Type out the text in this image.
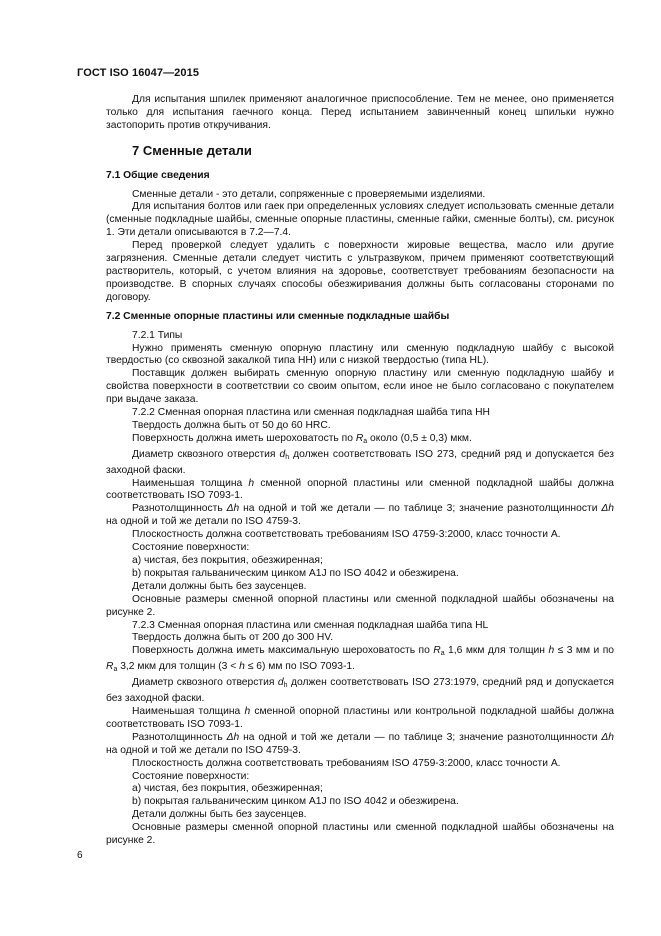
ГОСТ ISO 16047—2015

Для испытания шпилек применяют аналогичное приспособление. Тем не менее, оно применяется только для испытания гаечного конца. Перед испытанием завинченный конец шпильки нужно застопорить против откручивания.

7 Сменные детали

7.1 Общие сведения

Сменные детали - это детали, сопряженные с проверяемыми изделиями.

Для испытания болтов или гаек при определенных условиях следует использовать сменные детали (сменные подкладные шайбы, сменные опорные пластины, сменные гайки, сменные болты), см. рисунок 1. Эти детали описываются в 7.2—7.4.

Перед проверкой следует удалить с поверхности жировые вещества, масло или другие загрязнения. Сменные детали следует чистить с ультразвуком, причем применяют соответствующий растворитель, который, с учетом влияния на здоровье, соответствует требованиям безопасности на производстве. В спорных случаях способы обезжиривания должны быть согласованы сторонами по договору.

7.2 Сменные опорные пластины или сменные подкладные шайбы

7.2.1 Типы

Нужно применять сменную опорную пластину или сменную подкладную шайбу с высокой твердостью (со сквозной закалкой типа HH) или с низкой твердостью (типа HL).

Поставщик должен выбирать сменную опорную пластину или сменную подкладную шайбу и свойства поверхности в соответствии со своим опытом, если иное не было согласовано с покупателем при выдаче заказа.

7.2.2 Сменная опорная пластина или сменная подкладная шайба типа HH

Твердость должна быть от 50 до 60 HRC.

Поверхность должна иметь шероховатость по $R_a$ около (0,5 ± 0,3) мкм.

Диаметр сквозного отверстия $d_h$ должен соответствовать ISO 273, средний ряд и допускается без заходной фаски.

Наименьшая толщина h сменной опорной пластины или сменной подкладной шайбы должна соответствовать ISO 7093-1.

Разнотолщинность Δh на одной и той же детали — по таблице 3; значение разнотолщинности Δh на одной и той же детали по ISO 4759-3.

Плоскостность должна соответствовать требованиям ISO 4759-3:2000, класс точности А.

Состояние поверхности:

а) чистая, без покрытия, обезжиренная;

b) покрытая гальваническим цинком A1J по ISO 4042 и обезжирена.

Детали должны быть без заусенцев.

Основные размеры сменной опорной пластины или сменной подкладной шайбы обозначены на рисунке 2.

7.2.3 Сменная опорная пластина или сменная подкладная шайба типа HL

Твердость должна быть от 200 до 300 HV.

Поверхность должна иметь максимальную шероховатость по $R_a$ 1,6 мкм для толщин h ≤ 3 мм и по $R_a$ 3,2 мкм для толщин (3 < h ≤ 6) мм по ISO 7093-1.

Диаметр сквозного отверстия $d_h$ должен соответствовать ISO 273:1979, средний ряд и допускается без заходной фаски.

Наименьшая толщина h сменной опорной пластины или контрольной подкладной шайбы должна соответствовать ISO 7093-1.

Разнотолщинность Δh на одной и той же детали — по таблице 3; значение разнотолщинности Δh на одной и той же детали по ISO 4759-3.

Плоскостность должна соответствовать требованиям ISO 4759-3:2000, класс точности А.

Состояние поверхности:

а) чистая, без покрытия, обезжиренная;

b) покрытая гальваническим цинком A1J по ISO 4042 и обезжирена.

Детали должны быть без заусенцев.

Основные размеры сменной опорной пластины или сменной подкладной шайбы обозначены на рисунке 2.

6
